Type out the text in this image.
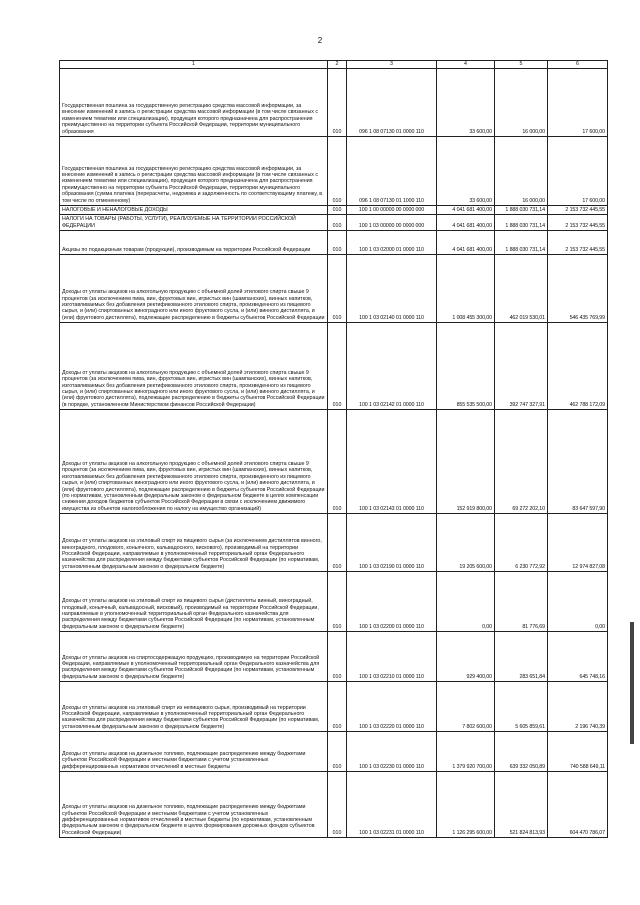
2
1	2	3	4	5	6
Государственная пошлина за государственную регистрацию средства массовой информации, за внесение изменений в запись о регистрации средства массовой информации (в том числе связанных с изменением тематики или специализации), продукция которого предназначена для распространения преимущественно на территории субъекта Российской Федерации, территории муниципального образования	010	096 1 08 07130 01 0000 110	33 600,00	16 000,00	17 600,00
Государственная пошлина за государственную регистрацию средства массовой информации, за внесение изменений в запись о регистрации средства массовой информации (в том числе связанных с изменением тематики или специализации), продукция которого предназначена для распространения преимущественно на территории субъекта Российской Федерации, территории муниципального образования (сумма платежа (перерасчеты, недоимка и задолженность по соответствующему платежу, в том числе по отмененному)	010	096 1 08 07130 01 1000 110	33 600,00	16 000,00	17 600,00
НАЛОГОВЫЕ И НЕНАЛОГОВЫЕ ДОХОДЫ	010	100 1 00 00000 00 0000 000	4 041 681 400,00	1 888 030 731,14	2 153 732 445,55
НАЛОГИ НА ТОВАРЫ (РАБОТЫ, УСЛУГИ), РЕАЛИЗУЕМЫЕ НА ТЕРРИТОРИИ РОССИЙСКОЙ ФЕДЕРАЦИИ	010	100 1 03 00000 00 0000 000	4 041 681 400,00	1 888 030 731,14	2 153 732 445,55
Акцизы по подакцизным товарам (продукции), производимым на территории Российской Федерации	010	100 1 03 02000 01 0000 110	4 041 681 400,00	1 888 030 731,14	2 153 732 445,55
Доходы от уплаты акцизов на алкогольную продукцию с объемной долей этилового спирта свыше 9 процентов (за исключением пива, вин, фруктовых вин, игристых вин (шампанских), винных напитков, изготавливаемых без добавления ректификованного этилового спирта, произведенного из пищевого сырья, и (или) спиртованных виноградного или иного фруктового сусла, и (или) винного дистиллята, и (или) фруктового дистиллята), подлежащие распределению в бюджеты субъектов Российской Федерации	010	100 1 03 02140 01 0000 110	1 008 455 300,00	462 019 530,01	546 435 769,99
Доходы от уплаты акцизов на алкогольную продукцию с объемной долей этилового спирта свыше 9 процентов (за исключением пива, вин, фруктовых вин, игристых вин (шампанских), винных напитков, изготавливаемых без добавления ректификованного этилового спирта, произведенного из пищевого сырья, и (или) спиртованных виноградного или иного фруктового сусла, и (или) винного дистиллята, и (или) фруктового дистиллята), подлежащие распределению в бюджеты субъектов Российской Федерации (в порядке, установленном Министерством финансов Российской Федерации)	010	100 1 03 02142 01 0000 110	855 535 500,00	392 747 327,91	462 788 172,09
Доходы от уплаты акцизов на алкогольную продукцию с объемной долей этилового спирта свыше 9 процентов (за исключением пива, вин, фруктовых вин, игристых вин (шампанских), винных напитков, изготавливаемых без добавления ректификованного этилового спирта, произведенного из пищевого сырья, и (или) спиртованных виноградного или иного фруктового сусла, и (или) винного дистиллята, и (или) фруктового дистиллята), подлежащие распределению в бюджеты субъектов Российской Федерации (по нормативам, установленным федеральным законом о федеральном бюджете в целях компенсации снижения доходов бюджетов субъектов Российской Федерации в связи с исключением движимого имущества из объектов налогообложения по налогу на имущество организаций)	010	100 1 03 02143 01 0000 110	152 919 800,00	69 272 202,10	83 647 597,90
Доходы от уплаты акцизов на этиловый спирт из пищевого сырья (за исключением дистиллятов винного, виноградного, плодового, коньячного, кальвадосного, вискового), производимый на территории Российской Федерации, направляемые в уполномоченный территориальный орган Федерального казначейства для распределения между бюджетами субъектов Российской Федерации (по нормативам, установленным федеральным законом о федеральном бюджете)	010	100 1 03 02190 01 0000 110	19 205 600,00	6 230 772,92	12 974 827,08
Доходы от уплаты акцизов на этиловый спирт из пищевого сырья (дистилляты винный, виноградный, плодовый, коньячный, кальвадосный, висковый), производимый на территории Российской Федерации, направляемые в уполномоченный территориальный орган Федерального казначейства для распределения между бюджетами субъектов Российской Федерации (по нормативам, установленным федеральным законом о федеральном бюджете)	010	100 1 03 02200 01 0000 110	0,00	81 776,69	0,00
Доходы от уплаты акцизов на спиртосодержащую продукцию, производимую на территории Российской Федерации, направляемые в уполномоченный территориальный орган Федерального казначейства для распределения между бюджетами субъектов Российской Федерации (по нормативам, установленным федеральным законом о федеральном бюджете)	010	100 1 03 02210 01 0000 110	929 400,00	283 651,84	645 748,16
Доходы от уплаты акцизов на этиловый спирт из непищевого сырья, производимый на территории Российской Федерации, направляемые в уполномоченный территориальный орган Федерального казначейства для распределения между бюджетами субъектов Российской Федерации (по нормативам, установленным федеральным законом о федеральном бюджете)	010	100 1 03 02220 01 0000 110	7 802 600,00	5 605 859,61	2 196 740,39
Доходы от уплаты акцизов на дизельное топливо, подлежащие распределению между бюджетами субъектов Российской Федерации и местными бюджетами с учетом установленных дифференцированных нормативов отчислений в местные бюджеты	010	100 1 03 02230 01 0000 110	1 379 920 700,00	639 332 050,89	740 588 649,11
Доходы от уплаты акцизов на дизельное топливо, подлежащие распределению между бюджетами субъектов Российской Федерации и местными бюджетами с учетом установленных дифференцированных нормативов отчислений в местные бюджеты (по нормативам, установленным федеральным законом о федеральном бюджете в целях формирования дорожных фондов субъектов Российской Федерации)	010	100 1 03 02231 01 0000 110	1 126 295 600,00	521 824 813,93	604 470 786,07
